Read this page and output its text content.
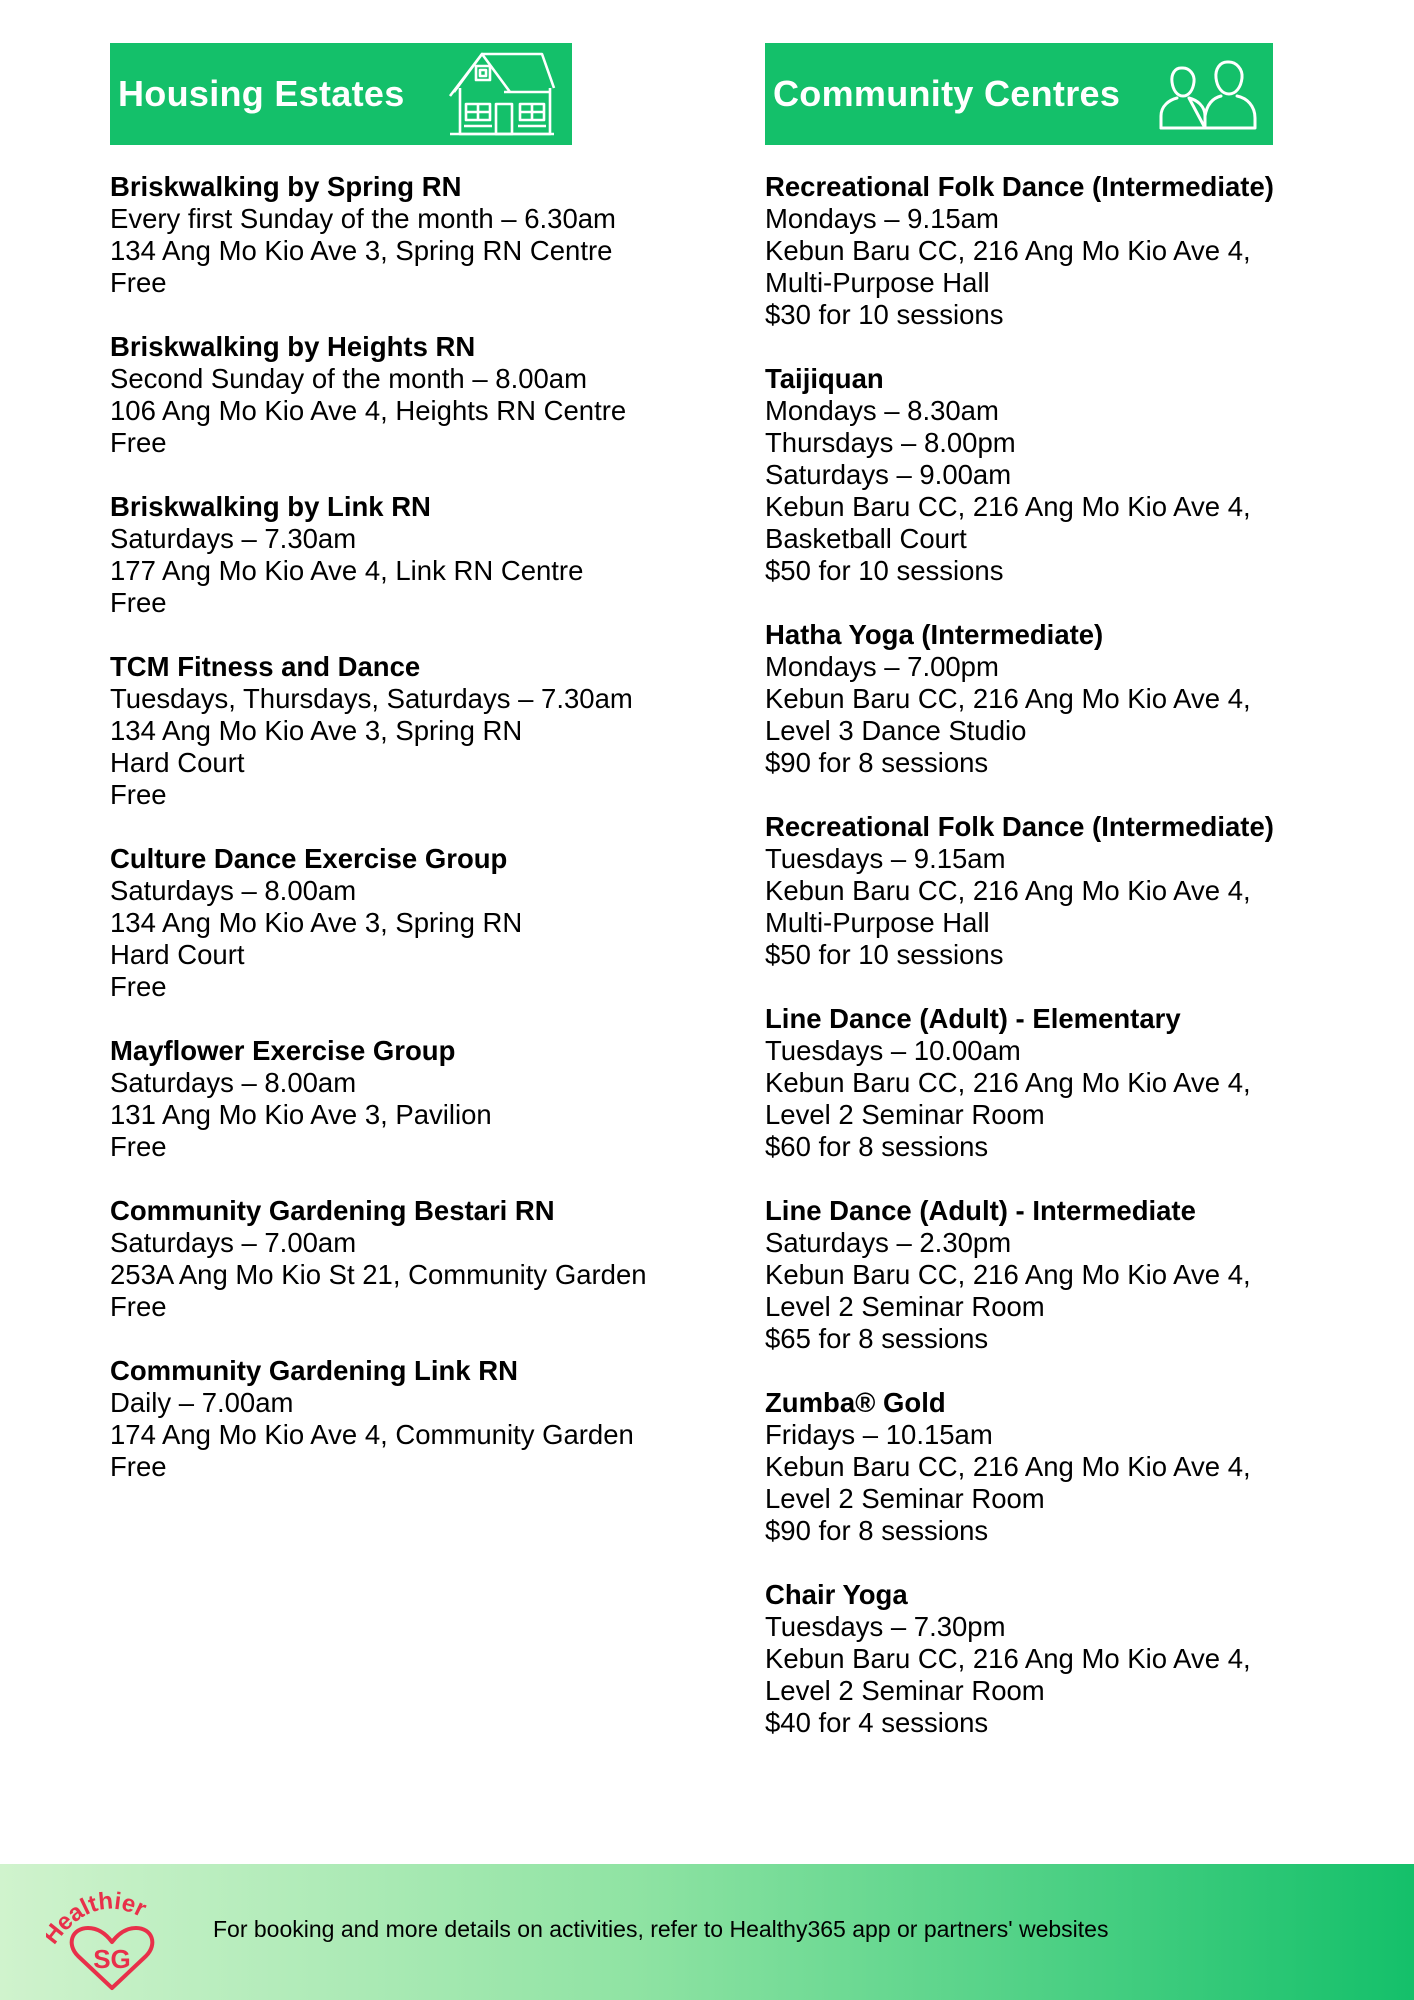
Housing Estates
Briskwalking by Spring RN
Every first Sunday of the month – 6.30am
134 Ang Mo Kio Ave 3, Spring RN Centre
Free
Briskwalking by Heights RN
Second Sunday of the month – 8.00am
106 Ang Mo Kio Ave 4, Heights RN Centre
Free
Briskwalking by Link RN
Saturdays – 7.30am
177 Ang Mo Kio Ave 4, Link RN Centre
Free
TCM Fitness and Dance
Tuesdays, Thursdays, Saturdays – 7.30am
134 Ang Mo Kio Ave 3, Spring RN
Hard Court
Free
Culture Dance Exercise Group
Saturdays – 8.00am
134 Ang Mo Kio Ave 3, Spring RN
Hard Court
Free
Mayflower Exercise Group
Saturdays – 8.00am
131 Ang Mo Kio Ave 3, Pavilion
Free
Community Gardening Bestari RN
Saturdays – 7.00am
253A Ang Mo Kio St 21, Community Garden
Free
Community Gardening Link RN
Daily – 7.00am
174 Ang Mo Kio Ave 4, Community Garden
Free
Community Centres
Recreational Folk Dance (Intermediate)
Mondays – 9.15am
Kebun Baru CC, 216 Ang Mo Kio Ave 4,
Multi-Purpose Hall
$30 for 10 sessions
Taijiquan
Mondays – 8.30am
Thursdays – 8.00pm
Saturdays – 9.00am
Kebun Baru CC, 216 Ang Mo Kio Ave 4,
Basketball Court
$50 for 10 sessions
Hatha Yoga (Intermediate)
Mondays – 7.00pm
Kebun Baru CC, 216 Ang Mo Kio Ave 4,
Level 3 Dance Studio
$90 for 8 sessions
Recreational Folk Dance (Intermediate)
Tuesdays – 9.15am
Kebun Baru CC, 216 Ang Mo Kio Ave 4,
Multi-Purpose Hall
$50 for 10 sessions
Line Dance (Adult) - Elementary
Tuesdays – 10.00am
Kebun Baru CC, 216 Ang Mo Kio Ave 4,
Level 2 Seminar Room
$60 for 8 sessions
Line Dance (Adult) - Intermediate
Saturdays – 2.30pm
Kebun Baru CC, 216 Ang Mo Kio Ave 4,
Level 2 Seminar Room
$65 for 8 sessions
Zumba® Gold
Fridays – 10.15am
Kebun Baru CC, 216 Ang Mo Kio Ave 4,
Level 2 Seminar Room
$90 for 8 sessions
Chair Yoga
Tuesdays – 7.30pm
Kebun Baru CC, 216 Ang Mo Kio Ave 4,
Level 2 Seminar Room
$40 for 4 sessions
ealthier
SG
For booking and more details on activities, refer to Healthy365 app or partners' websites
